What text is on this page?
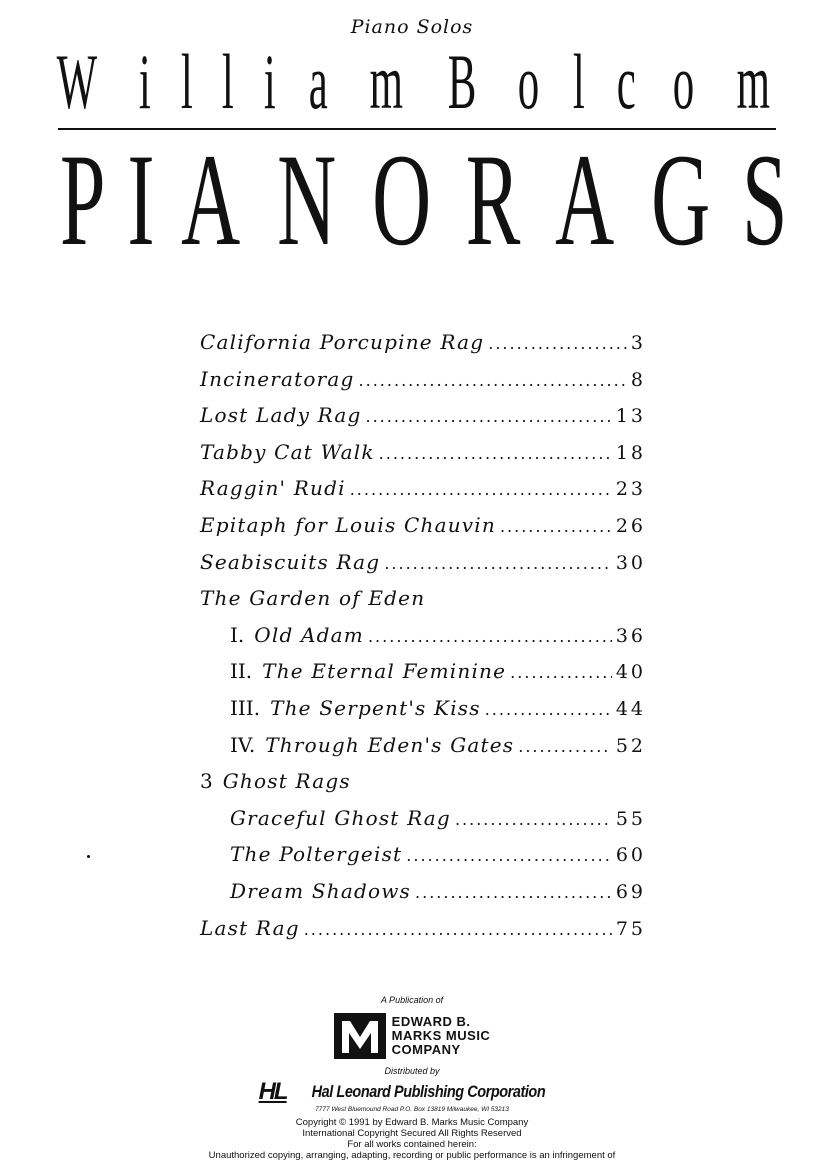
Piano Solos
W i l l i a m B o l c o m
P I A N O R A G S
California Porcupine Rag .....	3
Incineratorag .....	8
Lost Lady Rag .....	13
Tabby Cat Walk .....	18
Raggin' Rudi .....	23
Epitaph for Louis Chauvin .....	26
Seabiscuits Rag .....	30
The Garden of Eden
I. Old Adam .....	36
II. The Eternal Feminine .....	40
III. The Serpent's Kiss .....	44
IV. Through Eden's Gates .....	52
3 Ghost Rags
Graceful Ghost Rag .....	55
The Poltergeist .....	60
Dream Shadows .....	69
Last Rag .....	75
A Publication of
EDWARD B.
MARKS MUSIC
COMPANY
Distributed by
HL Hal Leonard Publishing Corporation
7777 West Bluemound Road P.O. Box 13819 Milwaukee, WI 53213
Copyright © 1991 by Edward B. Marks Music Company
International Copyright Secured All Rights Reserved
For all works contained herein:
Unauthorized copying, arranging, adapting, recording or public performance is an infringement of
